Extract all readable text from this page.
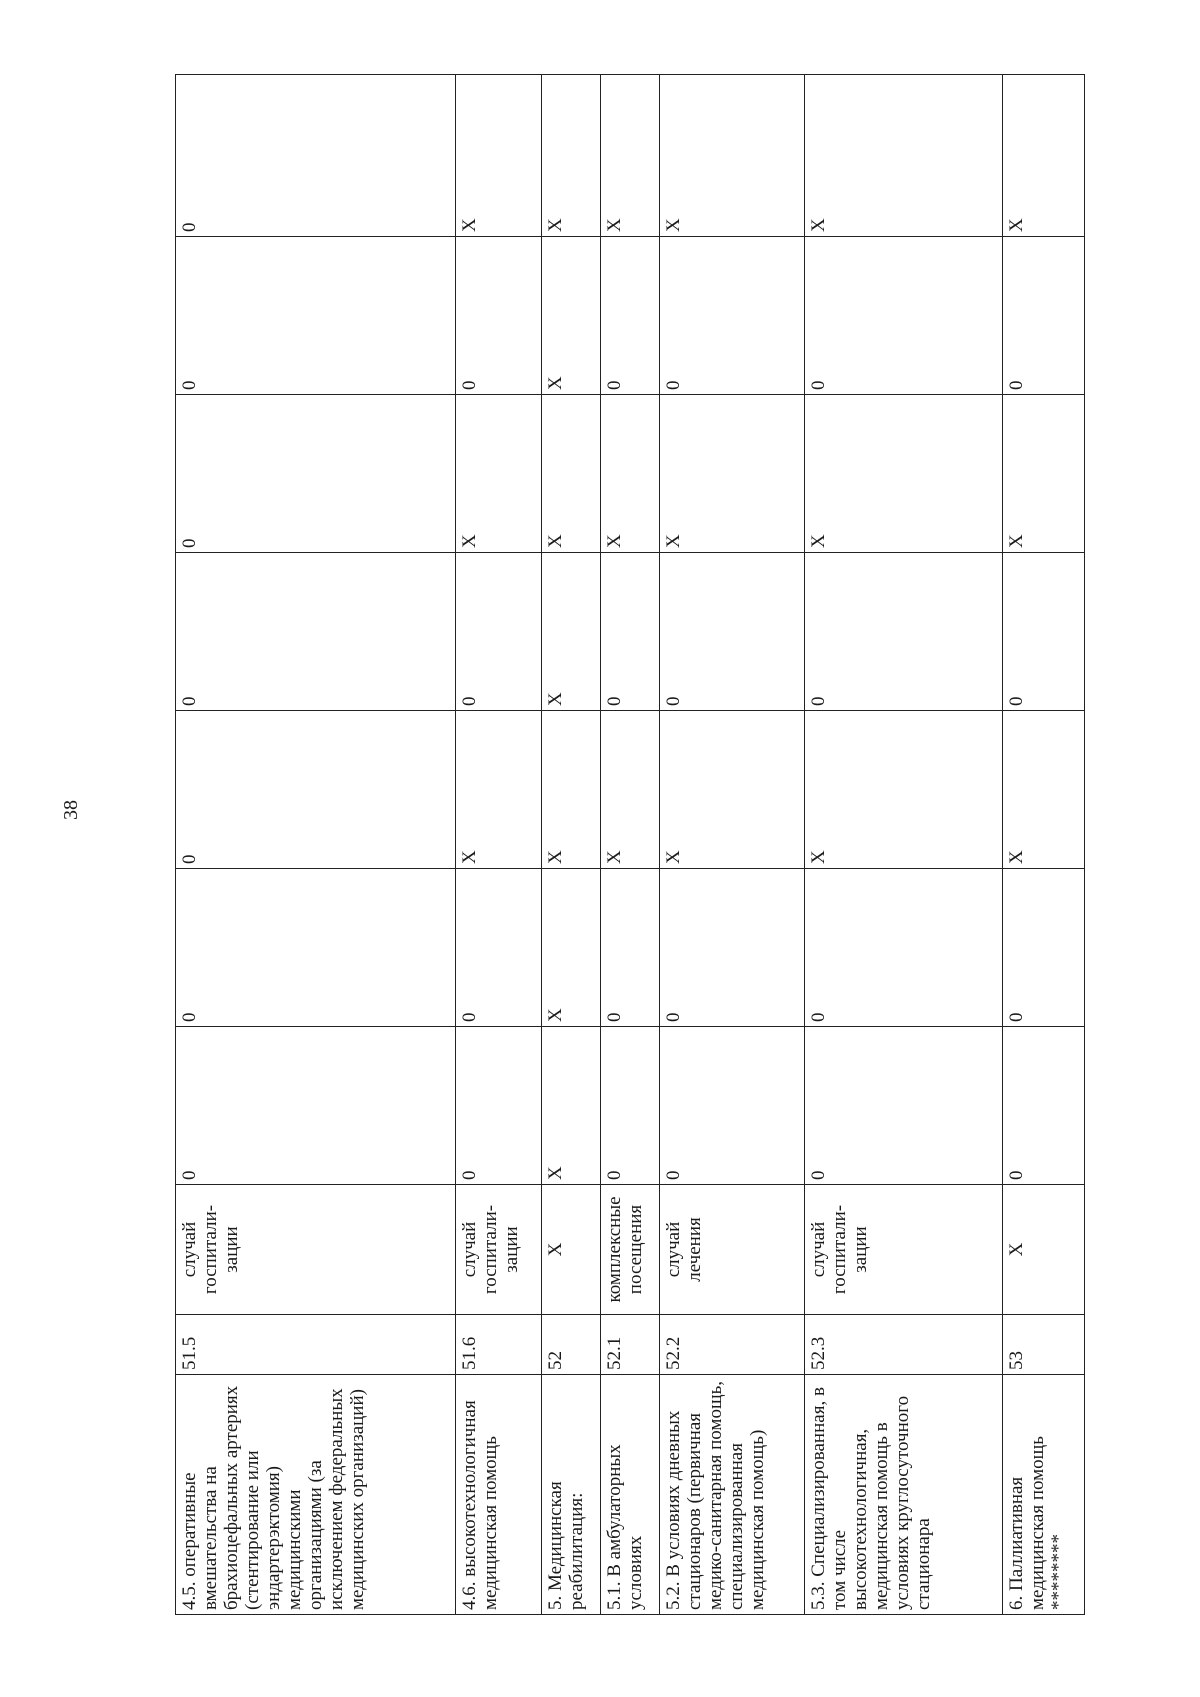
38
4.5. оперативные вмешательства на брахиоцефальных артериях (стентирование или эндартерэктомия) медицинскими организациями (за исключением федеральных медицинских организаций)	51.5	случай госпитали-зации	0	0	0	0	0	0	0
4.6. высокотехнологичная медицинская помощь	51.6	случай госпитали-зации	0	0	X	0	X	0	X
5. Медицинская реабилитация:	52	X	X	X	X	X	X	X	X
5.1. В амбулаторных условиях	52.1	комплексные посещения	0	0	X	0	X	0	X
5.2. В условиях дневных стационаров (первичная медико-санитарная помощь, специализированная медицинская помощь)	52.2	случай лечения	0	0	X	0	X	0	X
5.3. Специализированная, в том числе высокотехнологичная, медицинская помощь в условиях круглосуточного стационара	52.3	случай госпитали-зации	0	0	X	0	X	0	X
6. Паллиативная медицинская помощь ********	53	X	0	0	X	0	X	0	X
